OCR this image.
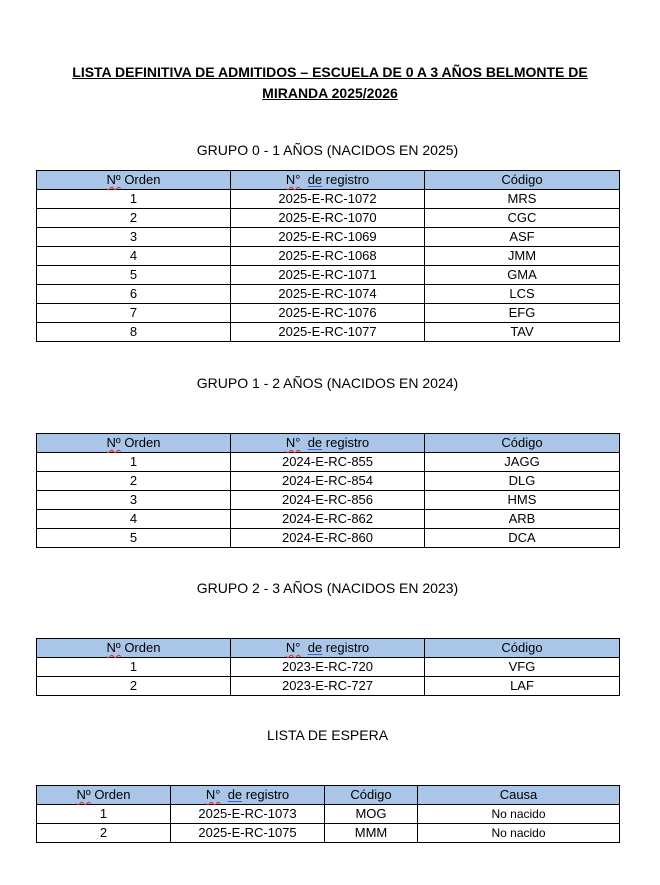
LISTA DEFINITIVA DE ADMITIDOS – ESCUELA DE 0 A 3 AÑOS BELMONTE DE MIRANDA 2025/2026
GRUPO 0 - 1 AÑOS (NACIDOS EN 2025)
Nº Orden	N° de registro	Código
1	2025-E-RC-1072	MRS
2	2025-E-RC-1070	CGC
3	2025-E-RC-1069	ASF
4	2025-E-RC-1068	JMM
5	2025-E-RC-1071	GMA
6	2025-E-RC-1074	LCS
7	2025-E-RC-1076	EFG
8	2025-E-RC-1077	TAV
GRUPO 1 - 2 AÑOS (NACIDOS EN 2024)
Nº Orden	N° de registro	Código
1	2024-E-RC-855	JAGG
2	2024-E-RC-854	DLG
3	2024-E-RC-856	HMS
4	2024-E-RC-862	ARB
5	2024-E-RC-860	DCA
GRUPO 2 - 3 AÑOS (NACIDOS EN 2023)
Nº Orden	N° de registro	Código
1	2023-E-RC-720	VFG
2	2023-E-RC-727	LAF
LISTA DE ESPERA
Nº Orden	N° de registro	Código	Causa
1	2025-E-RC-1073	MOG	No nacido
2	2025-E-RC-1075	MMM	No nacido
